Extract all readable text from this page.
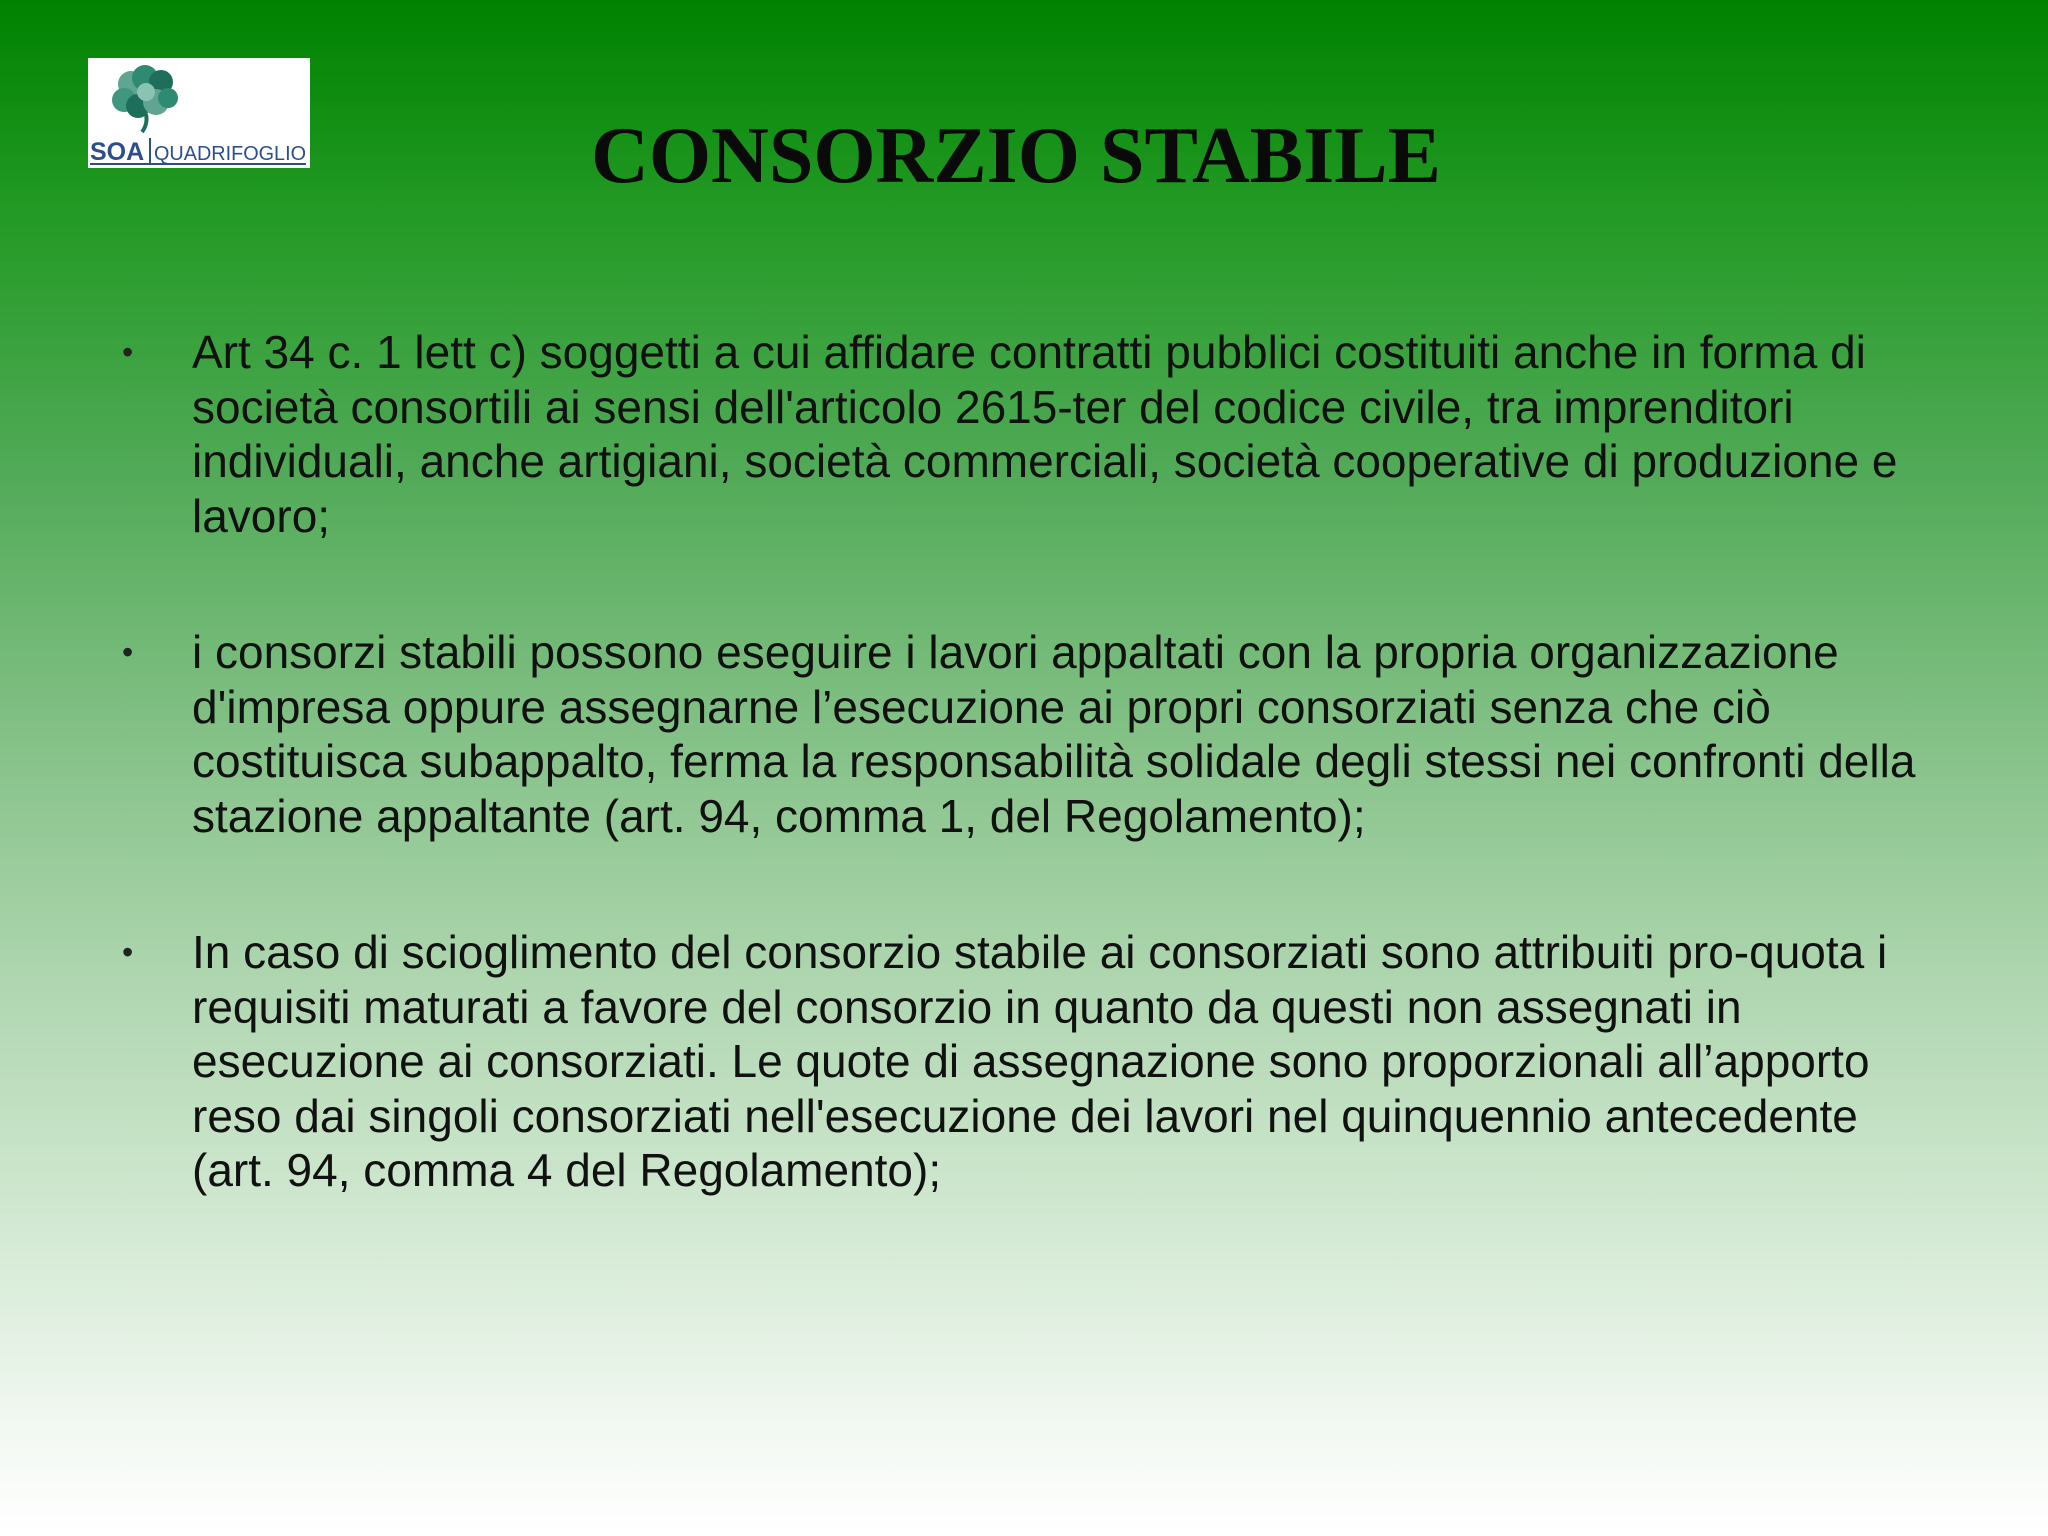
SOA QUADRIFOGLIO	CONSORZIO STABILE
• Art 34 c. 1 lett c) soggetti a cui affidare contratti pubblici costituiti anche in forma di società consortili ai sensi dell'articolo 2615-ter del codice civile, tra imprenditori individuali, anche artigiani, società commerciali, società cooperative di produzione e lavoro;
• i consorzi stabili possono eseguire i lavori appaltati con la propria organizzazione d'impresa oppure assegnarne l’esecuzione ai propri consorziati senza che ciò costituisca subappalto, ferma la responsabilità solidale degli stessi nei confronti della stazione appaltante (art. 94, comma 1, del Regolamento);
• In caso di scioglimento del consorzio stabile ai consorziati sono attribuiti pro-quota i requisiti maturati a favore del consorzio in quanto da questi non assegnati in esecuzione ai consorziati. Le quote di assegnazione sono proporzionali all’apporto reso dai singoli consorziati nell'esecuzione dei lavori nel quinquennio antecedente (art. 94, comma 4 del Regolamento);
